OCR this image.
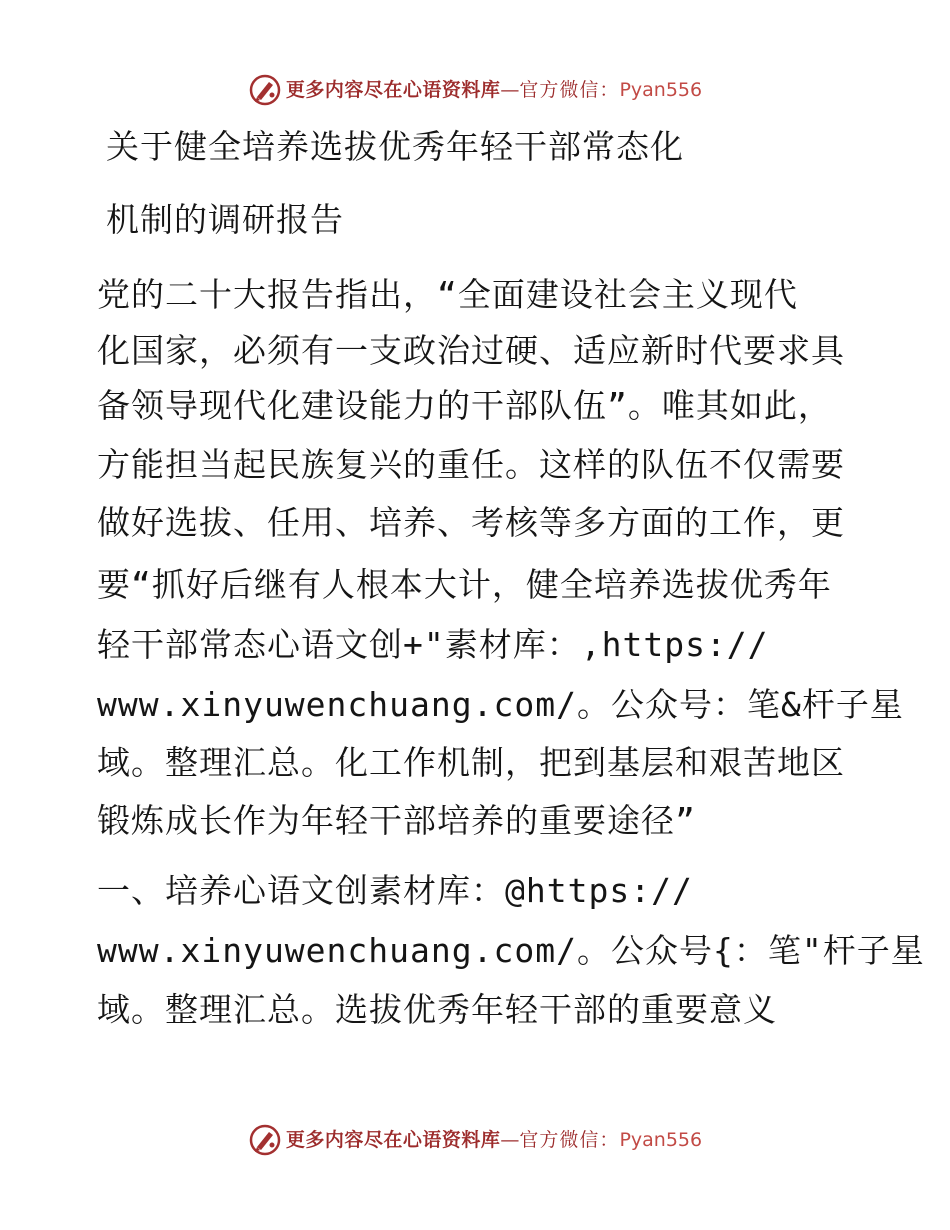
更多内容尽在心语资料库 — 官方微信： Pyan556
关于健全培养选拔优秀年轻干部常态化
机制的调研报告
党的二十大报告指出，“全面建设社会主义现代
化国家，必须有一支政治过硬、适应新时代要求具
备领导现代化建设能力的干部队伍”。唯其如此，
方能担当起民族复兴的重任。这样的队伍不仅需要
做好选拔、任用、培养、考核等多方面的工作，更
要“抓好后继有人根本大计，健全培养选拔优秀年
轻干部常态心语文创+"素材库：,https://
www.xinyuwenchuang.com/。公众号：笔&杆子星
域。整理汇总。化工作机制，把到基层和艰苦地区
锻炼成长作为年轻干部培养的重要途径”
一、培养心语文创素材库：@https://
www.xinyuwenchuang.com/。公众号{：笔"杆子星
域。整理汇总。选拔优秀年轻干部的重要意义
更多内容尽在心语资料库 — 官方微信： Pyan556
